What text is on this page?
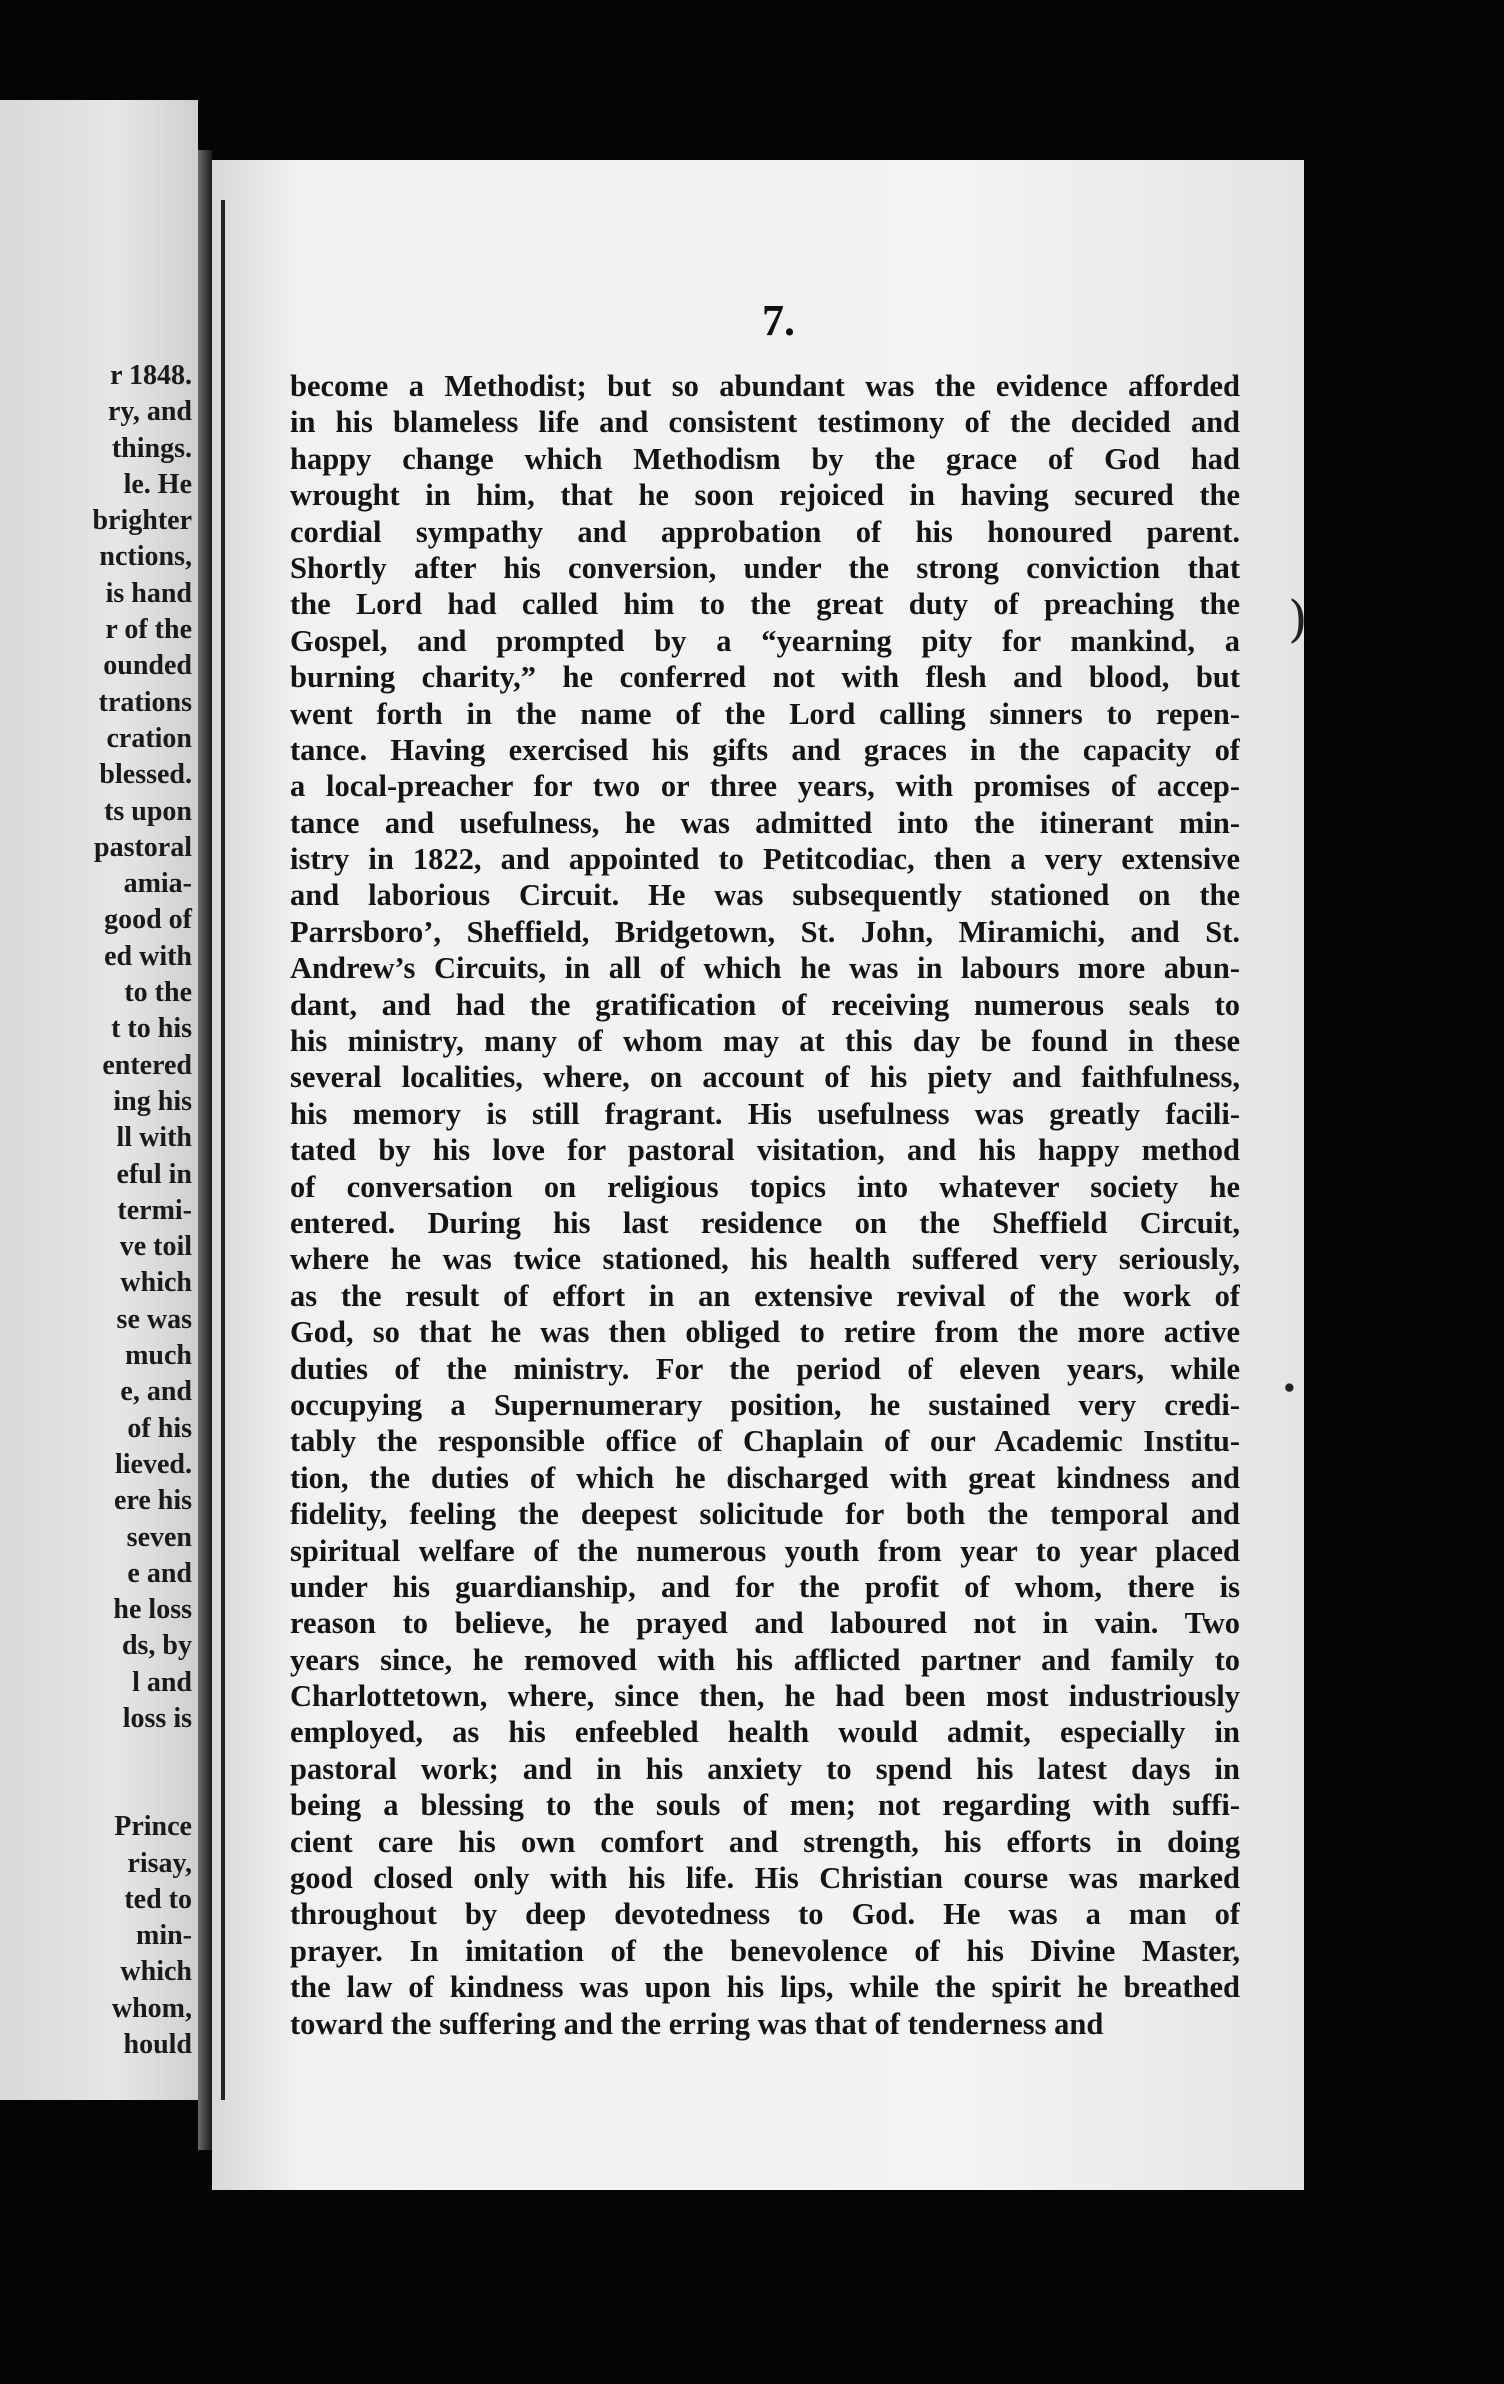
r 1848.
ry, and
things.
le. He
brighter
nctions,
is hand
r of the
ounded
trations
cration
blessed.
ts upon
pastoral
amia-
good of
ed with
to the
t to his
entered
ing his
ll with
eful in
termi-
ve toil
which
se was
much
e, and
of his
lieved.
ere his
seven
e and
he loss
ds, by
l and
loss is
Prince
risay,
ted to
min-
which
whom,
hould
7.
become a Methodist; but so abundant was the evidence afforded
in his blameless life and consistent testimony of the decided and
happy change which Methodism by the grace of God had
wrought in him, that he soon rejoiced in having secured the
cordial sympathy and approbation of his honoured parent.
Shortly after his conversion, under the strong conviction that
the Lord had called him to the great duty of preaching the
Gospel, and prompted by a “yearning pity for mankind, a
burning charity,” he conferred not with flesh and blood, but
went forth in the name of the Lord calling sinners to repen-
tance. Having exercised his gifts and graces in the capacity of
a local-preacher for two or three years, with promises of accep-
tance and usefulness, he was admitted into the itinerant min-
istry in 1822, and appointed to Petitcodiac, then a very extensive
and laborious Circuit. He was subsequently stationed on the
Parrsboro’, Sheffield, Bridgetown, St. John, Miramichi, and St.
Andrew’s Circuits, in all of which he was in labours more abun-
dant, and had the gratification of receiving numerous seals to
his ministry, many of whom may at this day be found in these
several localities, where, on account of his piety and faithfulness,
his memory is still fragrant. His usefulness was greatly facili-
tated by his love for pastoral visitation, and his happy method
of conversation on religious topics into whatever society he
entered. During his last residence on the Sheffield Circuit,
where he was twice stationed, his health suffered very seriously,
as the result of effort in an extensive revival of the work of
God, so that he was then obliged to retire from the more active
duties of the ministry. For the period of eleven years, while
occupying a Supernumerary position, he sustained very credi-
tably the responsible office of Chaplain of our Academic Institu-
tion, the duties of which he discharged with great kindness and
fidelity, feeling the deepest solicitude for both the temporal and
spiritual welfare of the numerous youth from year to year placed
under his guardianship, and for the profit of whom, there is
reason to believe, he prayed and laboured not in vain. Two
years since, he removed with his afflicted partner and family to
Charlottetown, where, since then, he had been most industriously
employed, as his enfeebled health would admit, especially in
pastoral work; and in his anxiety to spend his latest days in
being a blessing to the souls of men; not regarding with suffi-
cient care his own comfort and strength, his efforts in doing
good closed only with his life. His Christian course was marked
throughout by deep devotedness to God. He was a man of
prayer. In imitation of the benevolence of his Divine Master,
the law of kindness was upon his lips, while the spirit he breathed
toward the suffering and the erring was that of tenderness and
)
∙
